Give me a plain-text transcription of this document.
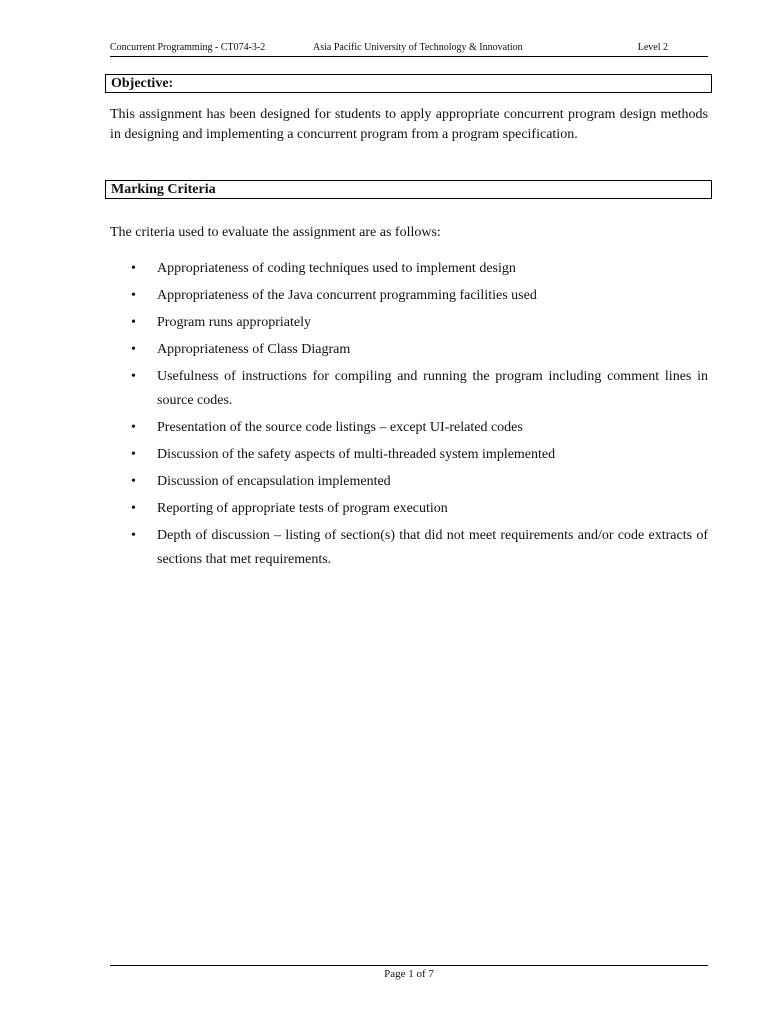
Concurrent Programming - CT074-3-2	Asia Pacific University of Technology & Innovation	Level 2
Objective:

This assignment has been designed for students to apply appropriate concurrent program design methods in designing and implementing a concurrent program from a program specification.

Marking Criteria

The criteria used to evaluate the assignment are as follows:

• Appropriateness of coding techniques used to implement design
• Appropriateness of the Java concurrent programming facilities used
• Program runs appropriately
• Appropriateness of Class Diagram
• Usefulness of instructions for compiling and running the program including comment lines in source codes.
• Presentation of the source code listings – except UI-related codes
• Discussion of the safety aspects of multi-threaded system implemented
• Discussion of encapsulation implemented
• Reporting of appropriate tests of program execution
• Depth of discussion – listing of section(s) that did not meet requirements and/or code extracts of sections that met requirements.
Page 1 of 7
